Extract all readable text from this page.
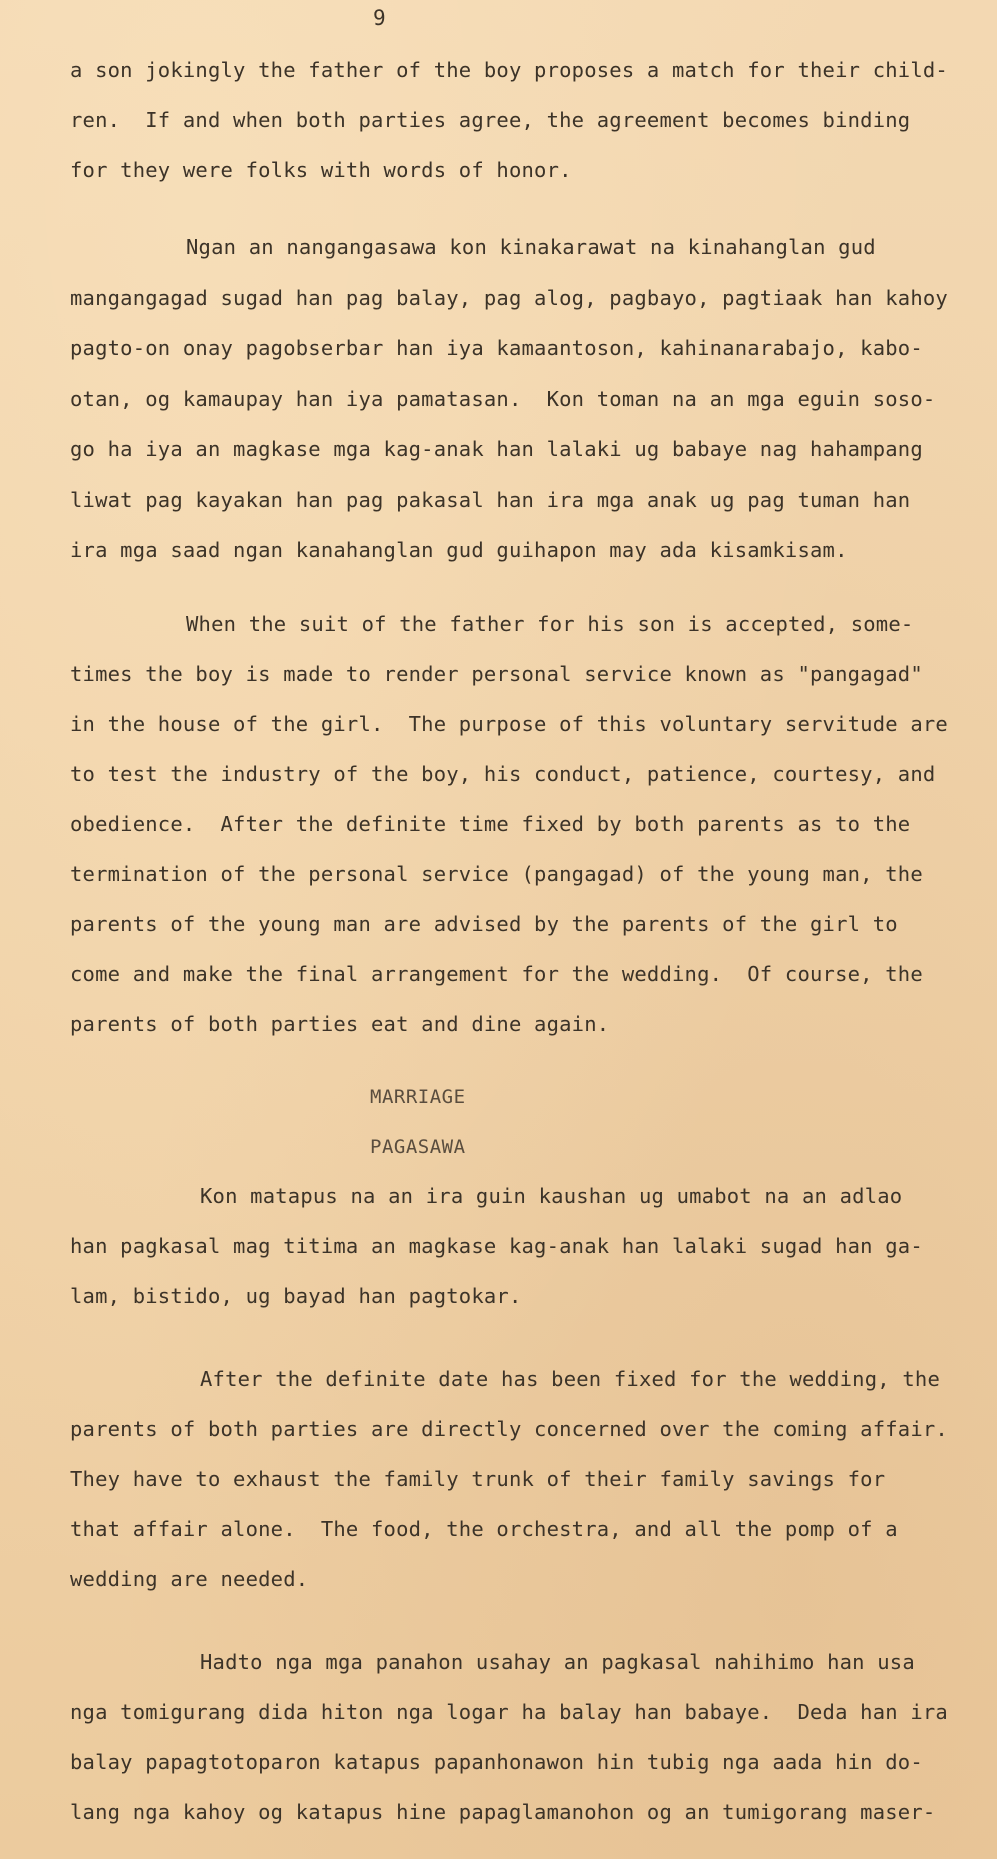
9
a son jokingly the father of the boy proposes a match for their child-
ren.  If and when both parties agree, the agreement becomes binding
for they were folks with words of honor.
Ngan an nangangasawa kon kinakarawat na kinahanglan gud
mangangagad sugad han pag balay, pag alog, pagbayo, pagtiaak han kahoy
pagto-on onay pagobserbar han iya kamaantoson, kahinanarabajo, kabo-
otan, og kamaupay han iya pamatasan.  Kon toman na an mga eguin soso-
go ha iya an magkase mga kag-anak han lalaki ug babaye nag hahampang
liwat pag kayakan han pag pakasal han ira mga anak ug pag tuman han
ira mga saad ngan kanahanglan gud guihapon may ada kisamkisam.
When the suit of the father for his son is accepted, some-
times the boy is made to render personal service known as "pangagad"
in the house of the girl.  The purpose of this voluntary servitude are
to test the industry of the boy, his conduct, patience, courtesy, and
obedience.  After the definite time fixed by both parents as to the
termination of the personal service (pangagad) of the young man, the
parents of the young man are advised by the parents of the girl to
come and make the final arrangement for the wedding.  Of course, the
parents of both parties eat and dine again.
MARRIAGE
PAGASAWA
Kon matapus na an ira guin kaushan ug umabot na an adlao
han pagkasal mag titima an magkase kag-anak han lalaki sugad han ga-
lam, bistido, ug bayad han pagtokar.
After the definite date has been fixed for the wedding, the
parents of both parties are directly concerned over the coming affair.
They have to exhaust the family trunk of their family savings for
that affair alone.  The food, the orchestra, and all the pomp of a
wedding are needed.
Hadto nga mga panahon usahay an pagkasal nahihimo han usa
nga tomigurang dida hiton nga logar ha balay han babaye.  Deda han ira
balay papagtotoparon katapus papanhonawon hin tubig nga aada hin do-
lang nga kahoy og katapus hine papaglamanohon og an tumigorang maser-
